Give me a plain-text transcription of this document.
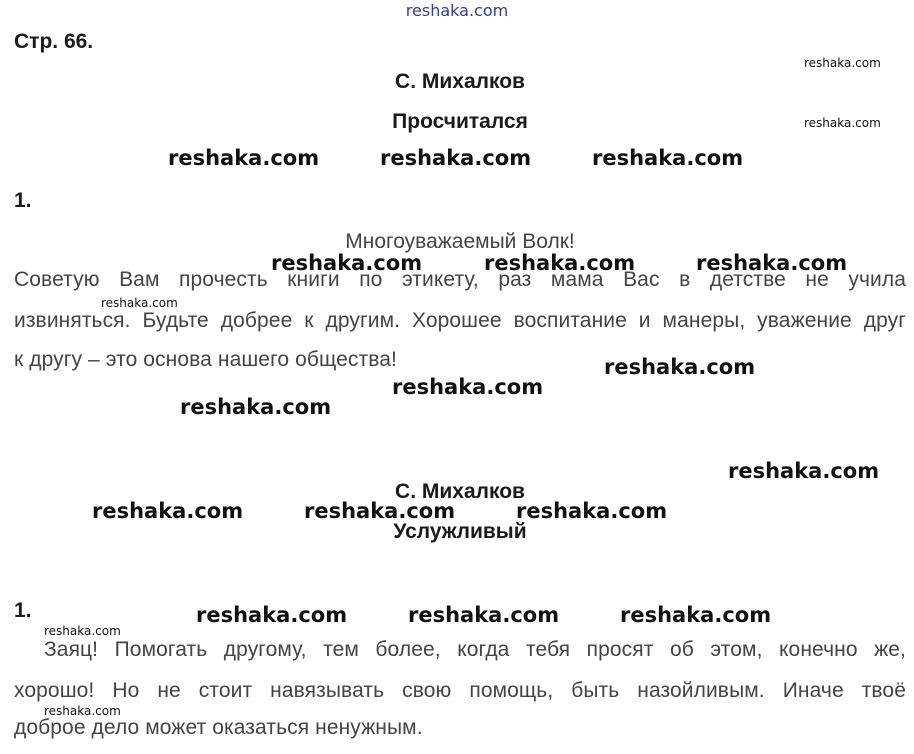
reshaka.com
Стр. 66.
С. Михалков
Просчитался
reshaka.com	reshaka.com	reshaka.com
1.
Многоуважаемый Волк!
Советую Вам прочесть книги по этикету, раз мама Вас в детстве не учила
извиняться. Будьте добрее к другим. Хорошее воспитание и манеры, уважение друг
к другу – это основа нашего общества!
reshaka.com	reshaka.com	reshaka.com
reshaka.com
reshaka.com
reshaka.com
reshaka.com
reshaka.com
reshaka.com
reshaka.com
С. Михалков
Услужливый
reshaka.com	reshaka.com	reshaka.com
1.	reshaka.com	reshaka.com	reshaka.com
reshaka.com
Заяц! Помогать другому, тем более, когда тебя просят об этом, конечно же,
хорошо! Но не стоит навязывать свою помощь, быть назойливым. Иначе твоё
reshaka.com
доброе дело может оказаться ненужным.
